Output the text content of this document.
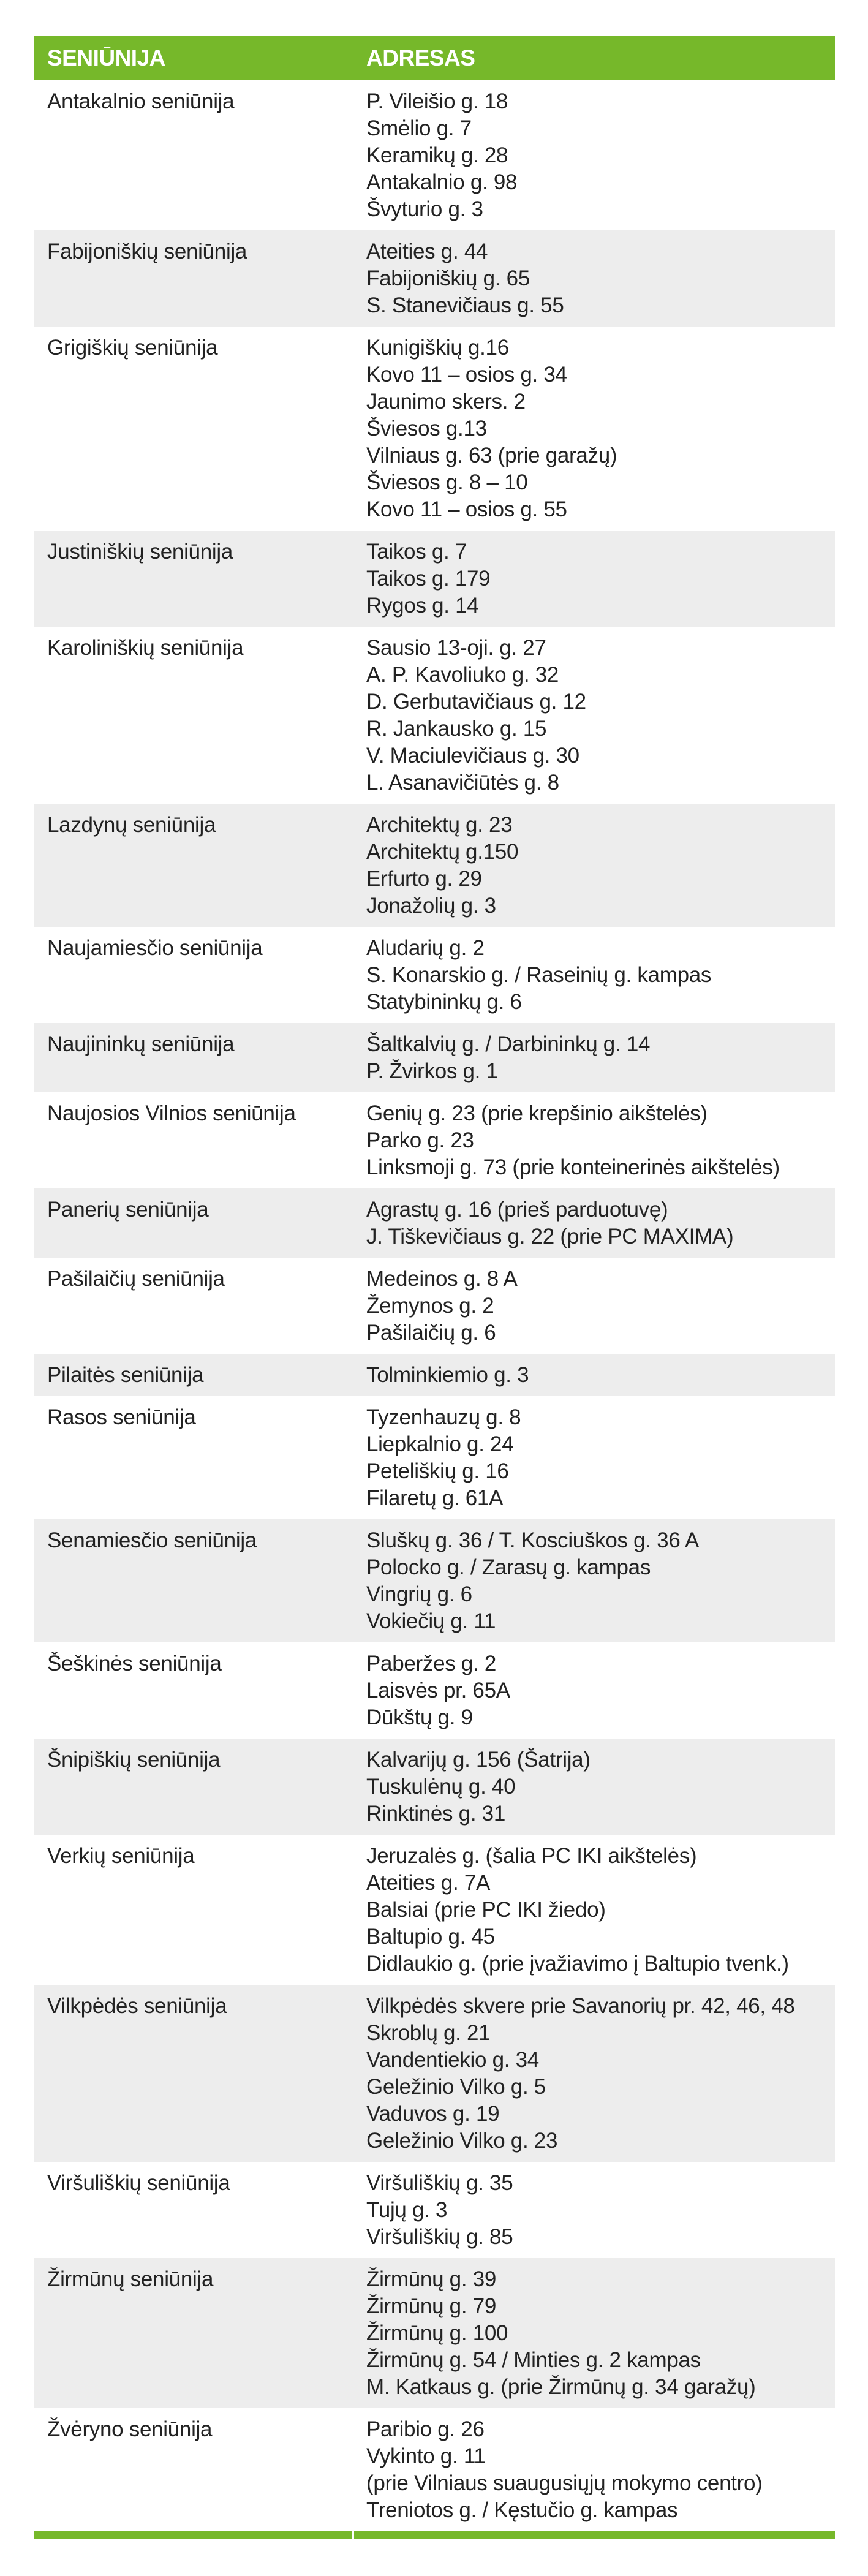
SENIŪNIJA	ADRESAS
Antakalnio seniūnija	P. Vileišio g. 18
Smėlio g. 7
Keramikų g. 28
Antakalnio g. 98
Švyturio g. 3
Fabijoniškių seniūnija	Ateities g. 44
Fabijoniškių g. 65
S. Stanevičiaus g. 55
Grigiškių seniūnija	Kunigiškių g.16
Kovo 11 – osios g. 34
Jaunimo skers. 2
Šviesos g.13
Vilniaus g. 63 (prie garažų)
Šviesos g. 8 – 10
Kovo 11 – osios g. 55
Justiniškių seniūnija	Taikos g. 7
Taikos g. 179
Rygos g. 14
Karoliniškių seniūnija	Sausio 13-oji. g. 27
A. P. Kavoliuko g. 32
D. Gerbutavičiaus g. 12
R. Jankausko g. 15
V. Maciulevičiaus g. 30
L. Asanavičiūtės g. 8
Lazdynų seniūnija	Architektų g. 23
Architektų g.150
Erfurto g. 29
Jonažolių g. 3
Naujamiesčio seniūnija	Aludarių g. 2
S. Konarskio g. / Raseinių g. kampas
Statybininkų g. 6
Naujininkų seniūnija	Šaltkalvių g. / Darbininkų g. 14
P. Žvirkos g. 1
Naujosios Vilnios seniūnija	Genių g. 23 (prie krepšinio aikštelės)
Parko g. 23
Linksmoji g. 73 (prie konteinerinės aikštelės)
Panerių seniūnija	Agrastų g. 16 (prieš parduotuvę)
J. Tiškevičiaus g. 22 (prie PC MAXIMA)
Pašilaičių seniūnija	Medeinos g. 8 A
Žemynos g. 2
Pašilaičių g. 6
Pilaitės seniūnija	Tolminkiemio g. 3
Rasos seniūnija	Tyzenhauzų g. 8
Liepkalnio g. 24
Peteliškių g. 16
Filaretų g. 61A
Senamiesčio seniūnija	Sluškų g. 36 / T. Kosciuškos g. 36 A
Polocko g. / Zarasų g. kampas
Vingrių g. 6
Vokiečių g. 11
Šeškinės seniūnija	Paberžes g. 2
Laisvės pr. 65A
Dūkštų g. 9
Šnipiškių seniūnija	Kalvarijų g. 156 (Šatrija)
Tuskulėnų g. 40
Rinktinės g. 31
Verkių seniūnija	Jeruzalės g. (šalia PC IKI aikštelės)
Ateities g. 7A
Balsiai (prie PC IKI žiedo)
Baltupio g. 45
Didlaukio g. (prie įvažiavimo į Baltupio tvenk.)
Vilkpėdės seniūnija	Vilkpėdės skvere prie Savanorių pr. 42, 46, 48
Skroblų g. 21
Vandentiekio g. 34
Geležinio Vilko g. 5
Vaduvos g. 19
Geležinio Vilko g. 23
Viršuliškių seniūnija	Viršuliškių g. 35
Tujų g. 3
Viršuliškių g. 85
Žirmūnų seniūnija	Žirmūnų g. 39
Žirmūnų g. 79
Žirmūnų g. 100
Žirmūnų g. 54 / Minties g. 2 kampas
M. Katkaus g. (prie Žirmūnų g. 34 garažų)
Žvėryno seniūnija	Paribio g. 26
Vykinto g. 11
(prie Vilniaus suaugusiųjų mokymo centro)
Treniotos g. / Kęstučio g. kampas
